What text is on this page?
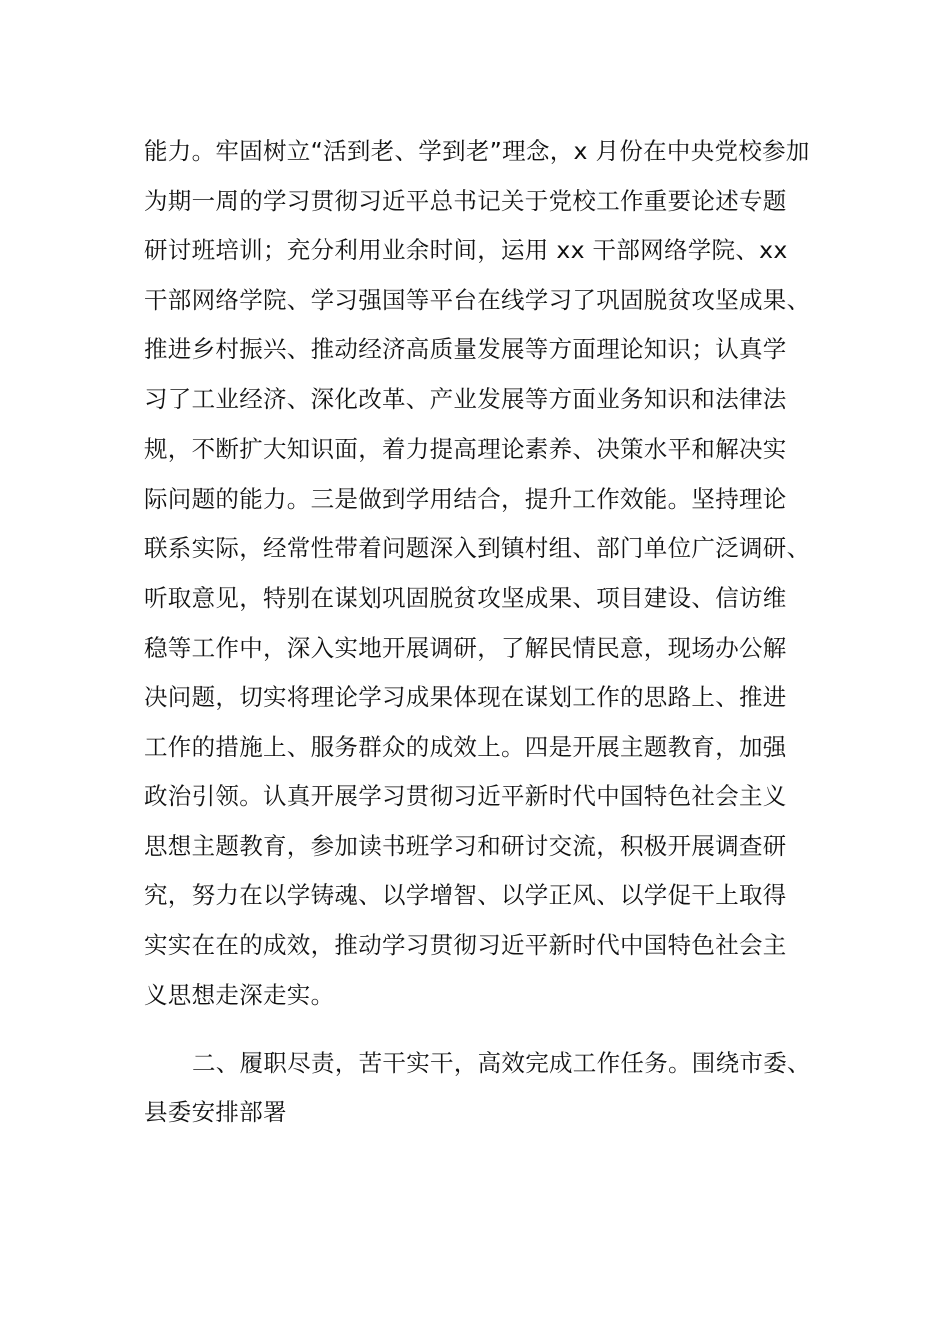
能力。牢固树立“活到老、学到老”理念，x 月份在中央党校参加
为期一周的学习贯彻习近平总书记关于党校工作重要论述专题
研讨班培训；充分利用业余时间，运用 xx 干部网络学院、xx
干部网络学院、学习强国等平台在线学习了巩固脱贫攻坚成果、
推进乡村振兴、推动经济高质量发展等方面理论知识；认真学
习了工业经济、深化改革、产业发展等方面业务知识和法律法
规，不断扩大知识面，着力提高理论素养、决策水平和解决实
际问题的能力。三是做到学用结合，提升工作效能。坚持理论
联系实际，经常性带着问题深入到镇村组、部门单位广泛调研、
听取意见，特别在谋划巩固脱贫攻坚成果、项目建设、信访维
稳等工作中，深入实地开展调研，了解民情民意，现场办公解
决问题，切实将理论学习成果体现在谋划工作的思路上、推进
工作的措施上、服务群众的成效上。四是开展主题教育，加强
政治引领。认真开展学习贯彻习近平新时代中国特色社会主义
思想主题教育，参加读书班学习和研讨交流，积极开展调查研
究，努力在以学铸魂、以学增智、以学正风、以学促干上取得
实实在在的成效，推动学习贯彻习近平新时代中国特色社会主
义思想走深走实。
二、履职尽责，苦干实干，高效完成工作任务。围绕市委、
县委安排部署
